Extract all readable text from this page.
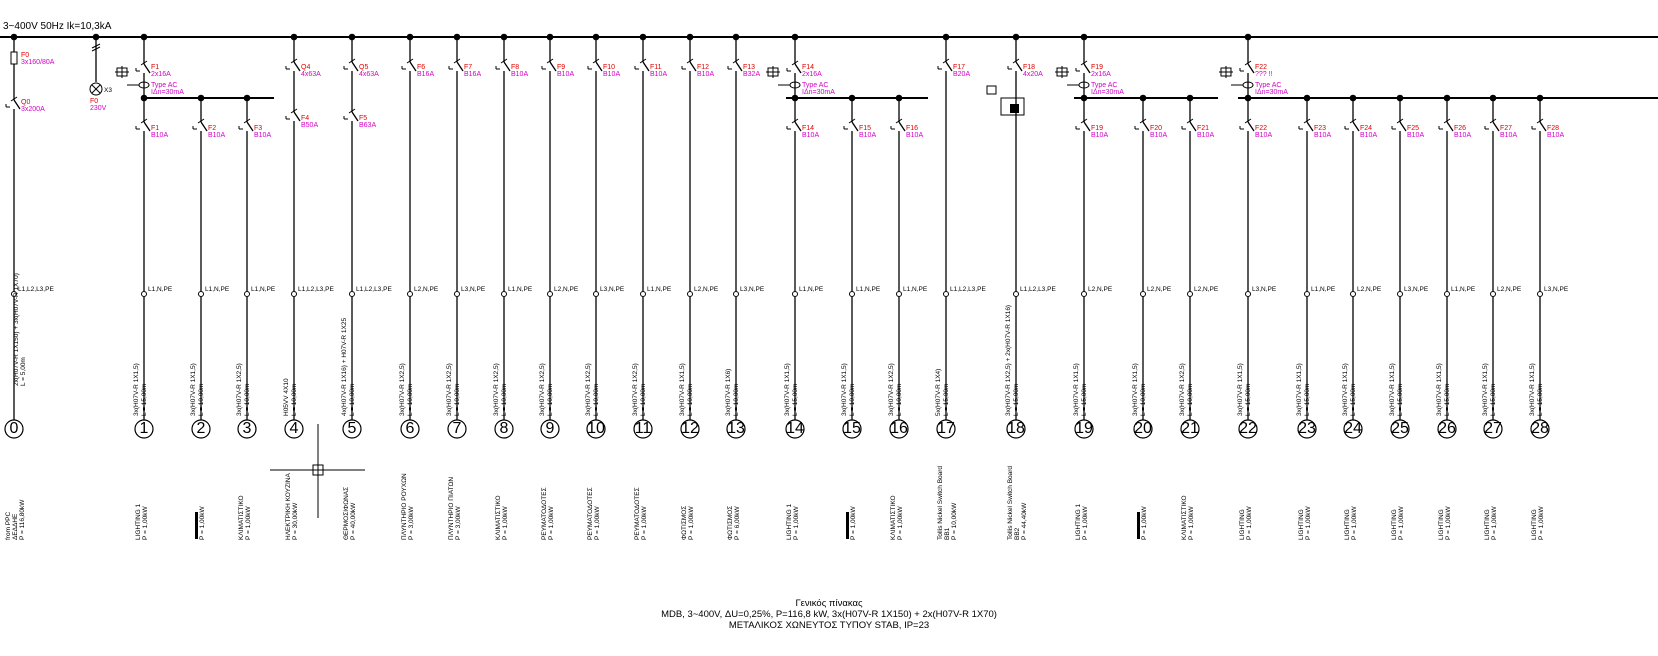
3~400V 50Hz Ik=10,3kA
F0
3x160/80A
Q0
3x200A
L1,L2,L3,PE
2x(H07V-R 1X150) + 3x(H07V-R 1X70) L = 5,00m
0
from PPC ΔΕΔΔΗΕ P = 116,80kW
X3
F0
230V
F1
2x16A
Type AC
IΔn=30mA
F14
2x16A
Type AC
IΔn=30mA
F19
2x16A
Type AC
IΔn=30mA
F22
??? !!
Type AC
IΔn=30mA
Q4
4x63A
Q5
4x63A
F6
B16A
F7
B16A
F8
B10A
F9
B10A
F10
B10A
F11
B10A
F12
B10A
F13
B32A
F17
B20A
F18
4x20A
F1
B10A
L1,N,PE
3x(H07V-R 1X1,5) L = 15,00m
1
LIGHTING 1 P = 1,00kW
F2
B10A
L1,N,PE
3x(H07V-R 1X1,5) L = 10,00m
2
P = 1,00kW
F3
B10A
L1,N,PE
3x(H07V-R 1X2,5) L = 10,00m
3
ΚΛΙΜΑΤΙΣΤΙΚΟ P = 1,00kW
F4
B50A
L1,L2,L3,PE
H05VV 4X10 L = 10,00m
4
ΗΛΕΚΤΡΙΚΗ ΚΟΥΖΙΝΑ P = 30,00kW
F5
B63A
L1,L2,L3,PE
4x(H07V-R 1X16) + H07V-R 1X25 L = 10,00m
5
ΘΕΡΜΟΣΙΦΩΝΑΣ P = 40,00kW
L2,N,PE
3x(H07V-R 1X2,5) L = 10,00m
6
ΠΛΥΝΤΗΡΙΟ ΡΟΥΧΩΝ P = 3,00kW
L3,N,PE
3x(H07V-R 1X2,5) L = 10,00m
7
ΠΛΥΝΤΗΡΙΟ ΠΙΑΤΩΝ P = 3,00kW
L1,N,PE
3x(H07V-R 1X2,5) L = 10,00m
8
ΚΛΙΜΑΤΙΣΤΙΚΟ P = 1,00kW
L2,N,PE
3x(H07V-R 1X2,5) L = 10,00m
9
ΡΕΥΜΑΤΟΔΟΤΕΣ P = 1,00kW
L3,N,PE
3x(H07V-R 1X2,5) L = 10,00m
10
ΡΕΥΜΑΤΟΔΟΤΕΣ P = 1,00kW
L1,N,PE
3x(H07V-R 1X2,5) L = 10,00m
11
ΡΕΥΜΑΤΟΔΟΤΕΣ P = 1,00kW
L2,N,PE
3x(H07V-R 1X1,5) L = 10,00m
12
ΦΩΤΙΣΜΟΣ P = 1,00kW
L3,N,PE
3x(H07V-R 1X6) L = 10,00m
13
ΦΩΤΙΣΜΟΣ P = 6,00kW
F14
B10A
L1,N,PE
3x(H07V-R 1X1,5) L = 15,00m
14
LIGHTING 1 P = 1,00kW
F15
B10A
L1,N,PE
3x(H07V-R 1X1,5) L = 10,00m
15
P = 1,00kW
F16
B10A
L1,N,PE
3x(H07V-R 1X2,5) L = 10,00m
16
ΚΛΙΜΑΤΙΣΤΙΚΟ P = 1,00kW
L1,L2,L3,PE
5x(H07V-R 1X4) L = 15,00m
17
Tollis Nickel Switch Board BB1 P = 10,00kW
L1,L2,L3,PE
3x(H07V-R 1X2,5) + 2x(H07V-R 1X16) L = 15,00m
18
Tollis Nickel Switch Board BB2 P = 44,40kW
F19
B10A
L2,N,PE
3x(H07V-R 1X1,5) L = 15,00m
19
LIGHTING 1 P = 1,00kW
F20
B10A
L2,N,PE
3x(H07V-R 1X1,5) L = 10,00m
20
P = 1,00kW
F21
B10A
L2,N,PE
3x(H07V-R 1X2,5) L = 10,00m
21
ΚΛΙΜΑΤΙΣΤΙΚΟ P = 1,00kW
F22
B10A
L3,N,PE
3x(H07V-R 1X1,5) L = 15,00m
22
LIGHTING P = 1,00kW
F23
B10A
L1,N,PE
3x(H07V-R 1X1,5) L = 15,00m
23
LIGHTING P = 1,00kW
F24
B10A
L2,N,PE
3x(H07V-R 1X1,5) L = 15,00m
24
LIGHTING P = 1,00kW
F25
B10A
L3,N,PE
3x(H07V-R 1X1,5) L = 15,00m
25
LIGHTING P = 1,00kW
F26
B10A
L1,N,PE
3x(H07V-R 1X1,5) L = 15,00m
26
LIGHTING P = 1,00kW
F27
B10A
L2,N,PE
3x(H07V-R 1X1,5) L = 15,00m
27
LIGHTING P = 1,00kW
F28
B10A
L3,N,PE
3x(H07V-R 1X1,5) L = 15,00m
28
LIGHTING P = 1,00kW
Γενικός πίνακας
MDB, 3~400V, ΔU=0,25%, P=116,8 kW, 3x(H07V-R 1X150) + 2x(H07V-R 1X70)
ΜΕΤΑΛΙΚΟΣ ΧΩΝΕΥΤΟΣ ΤΥΠΟΥ STAB, IP=23
